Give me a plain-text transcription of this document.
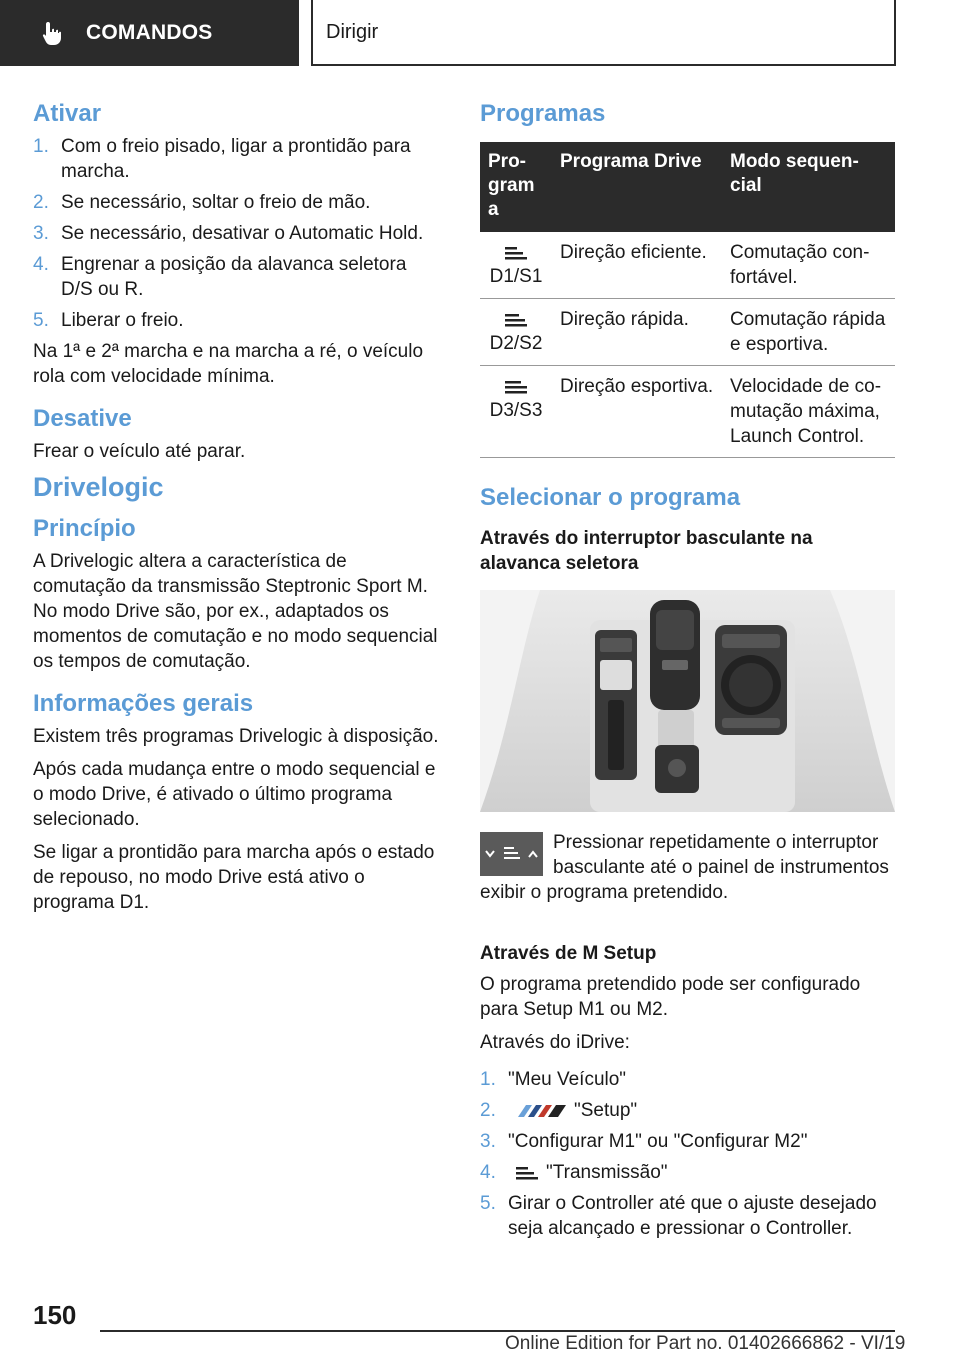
COMANDOS	Dirigir
Ativar
1. Com o freio pisado, ligar a prontidão para marcha.
2. Se necessário, soltar o freio de mão.
3. Se necessário, desativar o Automatic Hold.
4. Engrenar a posição da alavanca seletora D/S ou R.
5. Liberar o freio.

Na 1ª e 2ª marcha e na marcha a ré, o veículo rola com velocidade mínima.

Desative

Frear o veículo até parar.

Drivelogic
Princípio

A Drivelogic altera a característica de comutação da transmissão Steptronic Sport M. No modo Drive são, por ex., adaptados os momentos de comutação e no modo sequencial os tempos de comutação.

Informações gerais

Existem três programas Drivelogic à disposição.

Após cada mudança entre o modo sequencial e o modo Drive, é ativado o último programa selecionado.

Se ligar a prontidão para marcha após o estado de repouso, no modo Drive está ativo o programa D1.

Programas
Pro-gram a	Programa Drive	Modo sequen-cial

D1/S1	Direção eficiente.	Comutação con-fortável.

D2/S2	Direção rápida.	Comutação rápida e esportiva.

D3/S3	Direção esportiva.	Velocidade de co-mutação máxima, Launch Control.
Selecionar o programa

Através do interruptor basculante na alavanca seletora

Pressionar repetidamente o interruptor basculante até o painel de instrumentos exibir o programa pretendido.

Através de M Setup

O programa pretendido pode ser configurado para Setup M1 ou M2.

Através do iDrive:

1. "Meu Veículo"
2.	"Setup"
3. "Configurar M1" ou "Configurar M2"
4.	"Transmissão"
5. Girar o Controller até que o ajuste desejado seja alcançado e pressionar o Controller.
150
Online Edition for Part no. 01402666862 - VI/19
